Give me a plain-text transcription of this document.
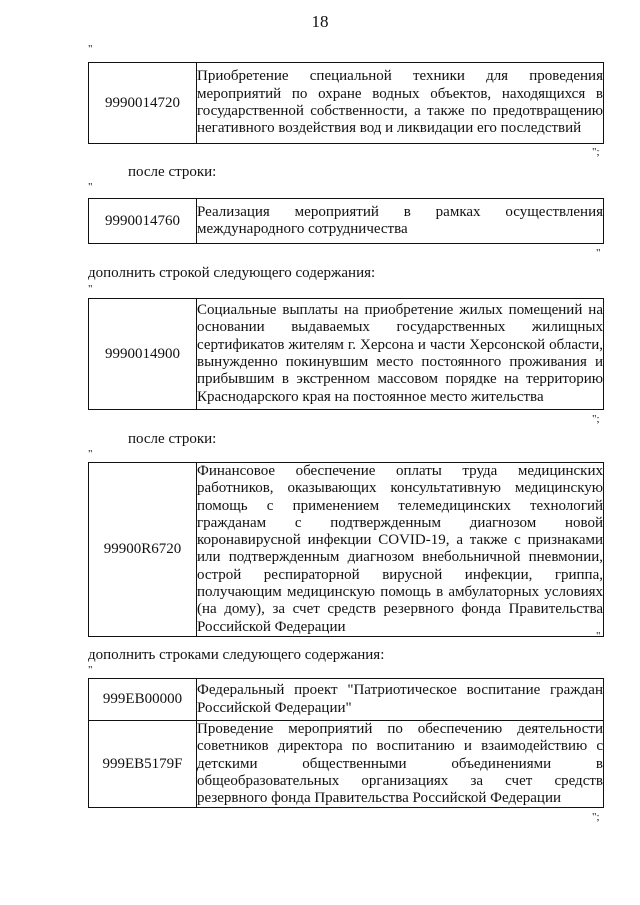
18
"
9990014720	Приобретение специальной техники для проведения мероприятий по охране водных объектов, находящихся в государственной собственности, а также по предотвращению негативного воздействия вод и ликвидации его последствий
";
после строки:
"
9990014760	Реализация мероприятий в рамках осуществления международного сотрудничества
"
дополнить строкой следующего содержания:
"
9990014900	Социальные выплаты на приобретение жилых помещений на основании выдаваемых государственных жилищных сертификатов жителям г. Херсона и части Херсонской области, вынужденно покинувшим место постоянного проживания и прибывшим в экстренном массовом порядке на территорию Краснодарского края на постоянное место жительства
";
после строки:
"
99900R6720	Финансовое обеспечение оплаты труда медицинских работников, оказывающих консультативную медицинскую помощь с применением телемедицинских технологий гражданам с подтвержденным диагнозом новой коронавирусной инфекции COVID-19, а также с признаками или подтвержденным диагнозом внебольничной пневмонии, острой респираторной вирусной инфекции, гриппа, получающим медицинскую помощь в амбулаторных условиях (на дому), за счет средств резервного фонда Правительства Российской Федерации
"
дополнить строками следующего содержания:
"
999EB00000	Федеральный проект "Патриотическое воспитание граждан Российской Федерации"
999EB5179F	Проведение мероприятий по обеспечению деятельности советников директора по воспитанию и взаимодействию с детскими общественными объединениями в общеобразовательных организациях за счет средств резервного фонда Правительства Российской Федерации
";
